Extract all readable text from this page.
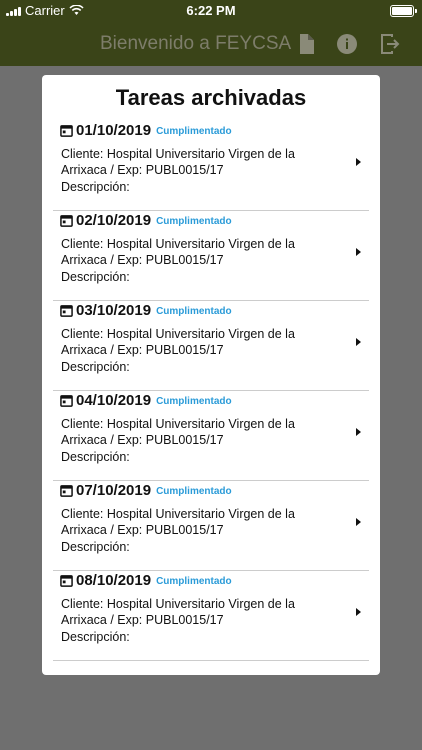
Carrier	6:22 PM
Bienvenido a FEYCSA
Tareas archivadas
01/10/2019 Cumplimentado
Cliente: Hospital Universitario Virgen de la Arrixaca / Exp: PUBL0015/17
Descripción:
02/10/2019 Cumplimentado
Cliente: Hospital Universitario Virgen de la Arrixaca / Exp: PUBL0015/17
Descripción:
03/10/2019 Cumplimentado
Cliente: Hospital Universitario Virgen de la Arrixaca / Exp: PUBL0015/17
Descripción:
04/10/2019 Cumplimentado
Cliente: Hospital Universitario Virgen de la Arrixaca / Exp: PUBL0015/17
Descripción:
07/10/2019 Cumplimentado
Cliente: Hospital Universitario Virgen de la Arrixaca / Exp: PUBL0015/17
Descripción:
08/10/2019 Cumplimentado
Cliente: Hospital Universitario Virgen de la Arrixaca / Exp: PUBL0015/17
Descripción:
